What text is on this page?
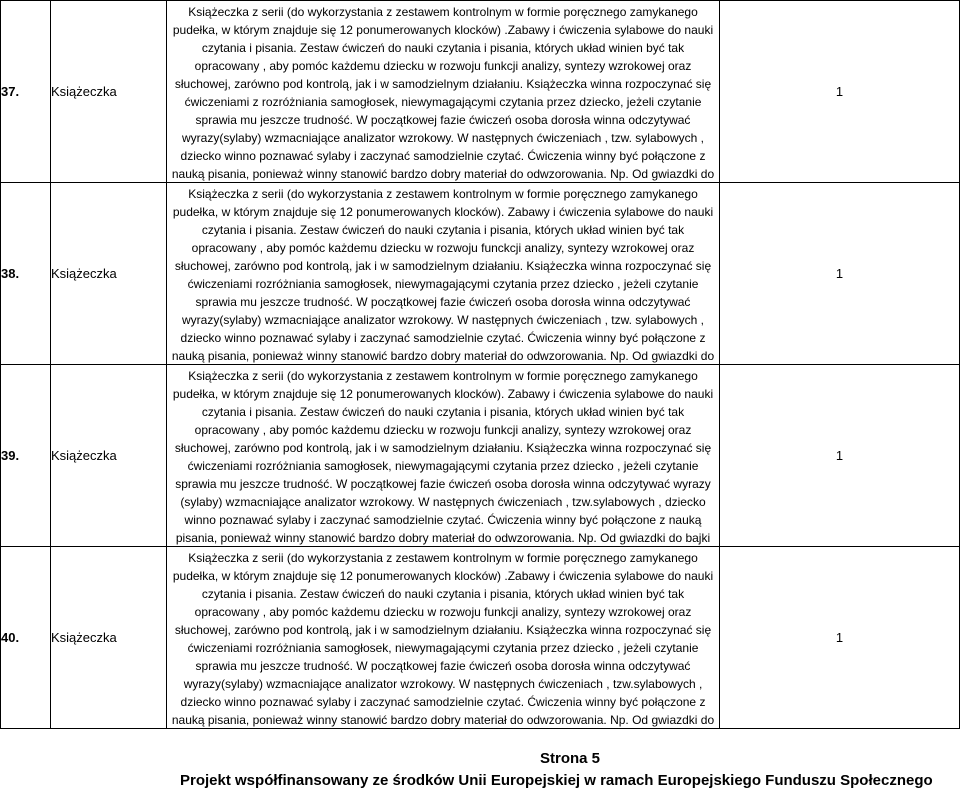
37.	Książeczka	Książeczka z serii (do wykorzystania z zestawem kontrolnym w formie poręcznego zamykanego pudełka, w którym znajduje się 12 ponumerowanych klocków) .Zabawy i ćwiczenia sylabowe do nauki czytania i pisania. Zestaw ćwiczeń do nauki czytania i pisania, których układ winien być tak opracowany , aby pomóc każdemu dziecku w rozwoju funkcji analizy, syntezy wzrokowej oraz słuchowej, zarówno pod kontrolą, jak i w samodzielnym działaniu. Książeczka winna rozpoczynać się ćwiczeniami z rozróżniania samogłosek, niewymagającymi czytania przez dziecko, jeżeli czytanie sprawia mu jeszcze trudność. W początkowej fazie ćwiczeń osoba dorosła winna odczytywać wyrazy(sylaby) wzmacniające analizator wzrokowy. W następnych ćwiczeniach , tzw. sylabowych , dziecko winno poznawać sylaby i zaczynać samodzielnie czytać. Ćwiczenia winny być połączone z nauką pisania, ponieważ winny stanowić bardzo dobry materiał do odwzorowania. Np. Od gwiazdki do	1
38.	Książeczka	Książeczka z serii (do wykorzystania z zestawem kontrolnym w formie poręcznego zamykanego pudełka, w którym znajduje się 12 ponumerowanych klocków). Zabawy i ćwiczenia sylabowe do nauki czytania i pisania. Zestaw ćwiczeń do nauki czytania i pisania, których układ winien być tak opracowany , aby pomóc każdemu dziecku w rozwoju funckcji analizy, syntezy wzrokowej oraz słuchowej, zarówno pod kontrolą, jak i w samodzielnym działaniu. Książeczka winna rozpoczynać się ćwiczeniami rozróżniania samogłosek, niewymagającymi czytania przez dziecko , jeżeli czytanie sprawia mu jeszcze trudność. W początkowej fazie ćwiczeń osoba dorosła winna odczytywać wyrazy(sylaby) wzmacniające analizator wzrokowy. W następnych ćwiczeniach , tzw. sylabowych , dziecko winno poznawać sylaby i zaczynać samodzielnie czytać. Ćwiczenia winny być połączone z nauką pisania, ponieważ winny stanowić bardzo dobry materiał do odwzorowania. Np. Od gwiazdki do	1
39.	Książeczka	Książeczka z serii (do wykorzystania z zestawem kontrolnym w formie poręcznego zamykanego pudełka, w którym znajduje się 12 ponumerowanych klocków). Zabawy i ćwiczenia sylabowe do nauki czytania i pisania. Zestaw ćwiczeń do nauki czytania i pisania, których układ winien być tak opracowany , aby pomóc każdemu dziecku w rozwoju funkcji analizy, syntezy wzrokowej oraz słuchowej, zarówno pod kontrolą, jak i w samodzielnym działaniu. Książeczka winna rozpoczynać się ćwiczeniami rozróżniania samogłosek, niewymagającymi czytania przez dziecko , jeżeli czytanie sprawia mu jeszcze trudność. W początkowej fazie ćwiczeń osoba dorosła winna odczytywać wyrazy (sylaby) wzmacniające analizator wzrokowy. W następnych ćwiczeniach , tzw.sylabowych , dziecko winno poznawać sylaby i zaczynać samodzielnie czytać. Ćwiczenia winny być połączone z nauką pisania, ponieważ winny stanowić bardzo dobry materiał do odwzorowania. Np. Od gwiazdki do bajki	1
40.	Książeczka	Książeczka z serii (do wykorzystania z zestawem kontrolnym w formie poręcznego zamykanego pudełka, w którym znajduje się 12 ponumerowanych klocków) .Zabawy i ćwiczenia sylabowe do nauki czytania i pisania. Zestaw ćwiczeń do nauki czytania i pisania, których układ winien być tak opracowany , aby pomóc każdemu dziecku w rozwoju funkcji analizy, syntezy wzrokowej oraz słuchowej, zarówno pod kontrolą, jak i w samodzielnym działaniu. Książeczka winna rozpoczynać się ćwiczeniami rozróżniania samogłosek, niewymagającymi czytania przez dziecko , jeżeli czytanie sprawia mu jeszcze trudność. W początkowej fazie ćwiczeń osoba dorosła winna odczytywać wyrazy(sylaby) wzmacniające analizator wzrokowy. W następnych ćwiczeniach , tzw.sylabowych , dziecko winno poznawać sylaby i zaczynać samodzielnie czytać. Ćwiczenia winny być połączone z nauką pisania, ponieważ winny stanowić bardzo dobry materiał do odwzorowania. Np. Od gwiazdki do	1
Strona 5
Projekt współfinansowany ze środków Unii Europejskiej w ramach Europejskiego Funduszu Społecznego
